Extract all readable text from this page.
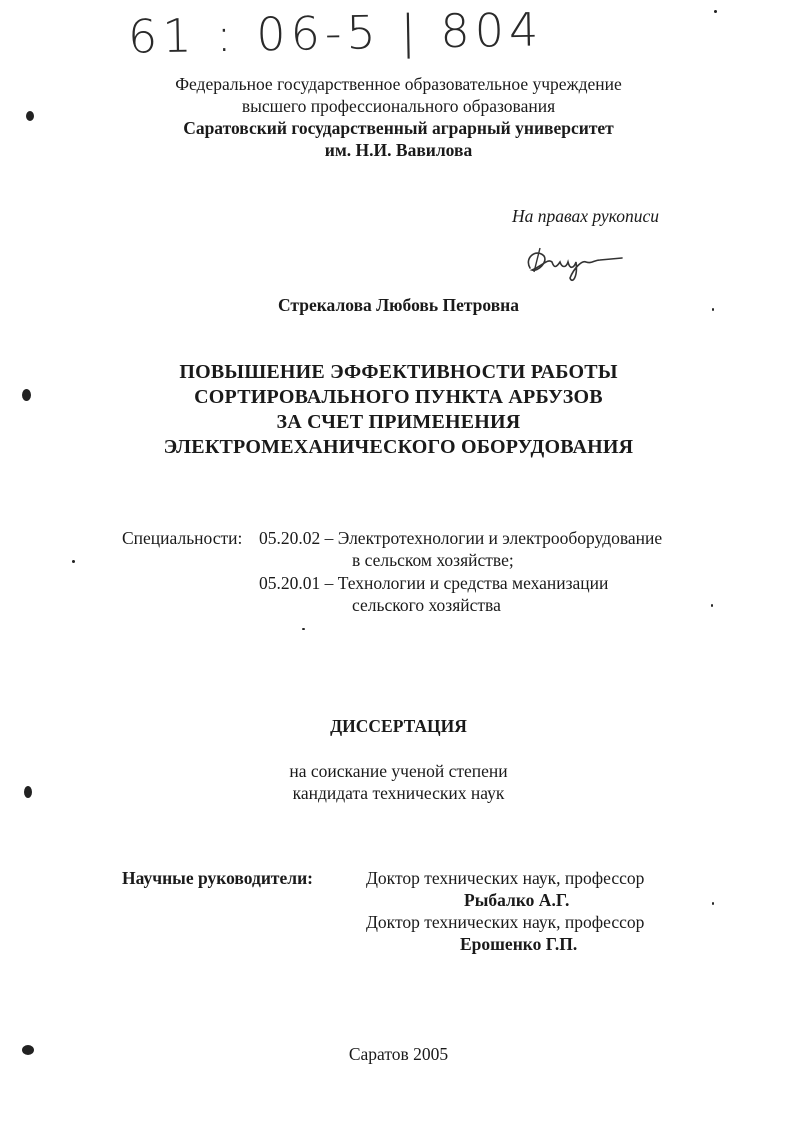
61 : 06-5 | 804
Федеральное государственное образовательное учреждение
высшего профессионального образования
Саратовский государственный аграрный университет
им. Н.И. Вавилова
На правах рукописи
Стрекалова Любовь Петровна
ПОВЫШЕНИЕ ЭФФЕКТИВНОСТИ РАБОТЫ
СОРТИРОВАЛЬНОГО ПУНКТА АРБУЗОВ
ЗА СЧЕТ ПРИМЕНЕНИЯ
ЭЛЕКТРОМЕХАНИЧЕСКОГО ОБОРУДОВАНИЯ
Специальности: 05.20.02 – Электротехнологии и электрооборудование
в сельском хозяйстве;
05.20.01 – Технологии и средства механизации
сельского хозяйства
ДИССЕРТАЦИЯ
на соискание ученой степени
кандидата технических наук
Научные руководители:	Доктор технических наук, профессор
Рыбалко А.Г.
Доктор технических наук, профессор
Ерошенко Г.П.
Саратов 2005
